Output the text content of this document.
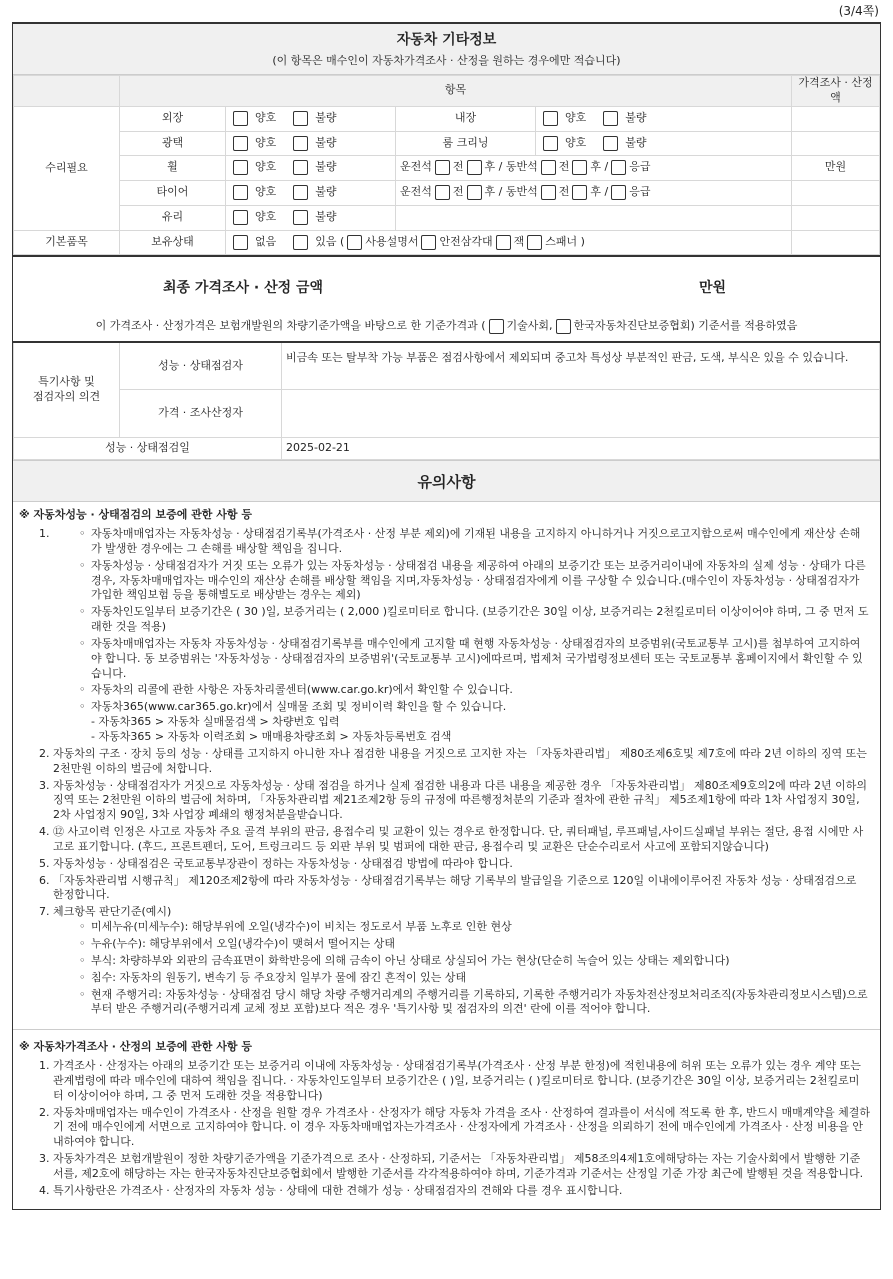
(3/4쪽)
자동차 기타정보
(이 항목은 매수인이 자동차가격조사 · 산정을 원하는 경우에만 적습니다)
	항목				가격조사 · 산정액
수리필요	외장	양호 불량	내장	양호 불량	
	광택	양호 불량	룸 크리닝	양호 불량	
	휠	양호 불량	운전석 전 후 / 동반석 전 후 / 응급		만원
	타이어	양호 불량	운전석 전 후 / 동반석 전 후 / 응급		
	유리	양호 불량			
기본품목	보유상태	없음 있음 ( 사용설명서 안전삼각대 잭 스패너 )			
최종 가격조사 · 산정 금액	만원
이 가격조사 · 산정가격은 보험개발원의 차량기준가액을 바탕으로 한 기준가격과 ( 기술사회, 한국자동차진단보증협회) 기준서를 적용하였음
특기사항 및
점검자의 의견	성능 · 상태점검자	비금속 또는 탈부착 가능 부품은 점검사항에서 제외되며 중고차 특성상 부분적인 판금, 도색, 부식은 있을 수 있습니다.
	가격 · 조사산정자	
성능 · 상태점검일		2025-02-21
유의사항
※ 자동차성능 · 상태점검의 보증에 관한 사항 등
◦ 1. 자동차매매업자는 자동차성능 · 상태점검기록부(가격조사 · 산정 부분 제외)에 기재된 내용을 고지하지 아니하거나 거짓으로고지함으로써 매수인에게 재산상 손해가 발생한 경우에는 그 손해를 배상할 책임을 집니다.
◦ 자동차성능 · 상태점검자가 거짓 또는 오류가 있는 자동차성능 · 상태점검 내용을 제공하여 아래의 보증기간 또는 보증거리이내에 자동차의 실제 성능 · 상태가 다른 경우, 자동차매매업자는 매수인의 재산상 손해를 배상할 책임을 지며,자동차성능 · 상태점검자에게 이를 구상할 수 있습니다.(매수인이 자동차성능 · 상태점검자가 가입한 책임보험 등을 통해별도로 배상받는 경우는 제외)
◦ 자동차인도일부터 보증기간은 ( 30 )일, 보증거리는 ( 2,000 )킬로미터로 합니다. (보증기간은 30일 이상, 보증거리는 2천킬로미터 이상이어야 하며, 그 중 먼저 도래한 것을 적용)
◦ 자동차매매업자는 자동차 자동차성능 · 상태점검기록부를 매수인에게 고지할 때 현행 자동차성능 · 상태점검자의 보증범위(국토교통부 고시)를 첨부하여 고지하여야 합니다. 동 보증범위는 '자동차성능 · 상태점검자의 보증범위'(국토교통부 고시)에따르며, 법제처 국가법령정보센터 또는 국토교통부 홈페이지에서 확인할 수 있습니다.
◦ 자동차의 리콜에 관한 사항은 자동차리콜센터(www.car.go.kr)에서 확인할 수 있습니다.
◦ 자동차365(www.car365.go.kr)에서 실매물 조회 및 정비이력 확인을 할 수 있습니다.
- 자동차365 > 자동차 실매물검색 > 차량번호 입력
- 자동차365 > 자동차 이력조회 > 매매용차량조회 > 자동차등록번호 검색
2. 자동차의 구조 · 장치 등의 성능 · 상태를 고지하지 아니한 자나 점검한 내용을 거짓으로 고지한 자는 「자동차관리법」 제80조제6호및 제7호에 따라 2년 이하의 징역 또는 2천만원 이하의 벌금에 처합니다.
3. 자동차성능 · 상태점검자가 거짓으로 자동차성능 · 상태 점검을 하거나 실제 점검한 내용과 다른 내용을 제공한 경우 「자동차관리법」 제80조제9호의2에 따라 2년 이하의 징역 또는 2천만원 이하의 벌금에 처하며, 「자동차관리법 제21조제2항 등의 규정에 따른행정처분의 기준과 절차에 관한 규칙」 제5조제1항에 따라 1차 사업정지 30일, 2차 사업정지 90일, 3차 사업장 폐쇄의 행정처분을받습니다.
4. ⑫ 사고이력 인정은 사고로 자동차 주요 골격 부위의 판금, 용접수리 및 교환이 있는 경우로 한정합니다. 단, 쿼터패널, 루프패널,사이드실패널 부위는 절단, 용접 시에만 사고로 표기합니다. (후드, 프론트펜더, 도어, 트렁크리드 등 외판 부위 및 범퍼에 대한 판금, 용접수리 및 교환은 단순수리로서 사고에 포함되지않습니다)
5. 자동차성능 · 상태점검은 국토교통부장관이 정하는 자동차성능 · 상태점검 방법에 따라야 합니다.
6. 「자동차관리법 시행규칙」 제120조제2항에 따라 자동차성능 · 상태점검기록부는 해당 기록부의 발급일을 기준으로 120일 이내에이루어진 자동차 성능 · 상태점검으로 한정합니다.
7. 체크항목 판단기준(예시)
◦ 미세누유(미세누수): 해당부위에 오일(냉각수)이 비치는 정도로서 부품 노후로 인한 현상
◦ 누유(누수): 해당부위에서 오일(냉각수)이 맺혀서 떨어지는 상태
◦ 부식: 차량하부와 외판의 금속표면이 화학반응에 의해 금속이 아닌 상태로 상실되어 가는 현상(단순히 녹슬어 있는 상태는 제외합니다)
◦ 침수: 자동차의 원동기, 변속기 등 주요장치 일부가 물에 잠긴 흔적이 있는 상태
◦ 현재 주행거리: 자동차성능 · 상태점검 당시 해당 차량 주행거리계의 주행거리를 기록하되, 기록한 주행거리가 자동차전산정보처리조직(자동차관리정보시스템)으로부터 받은 주행거리(주행거리계 교체 정보 포함)보다 적은 경우 '특기사항 및 점검자의 의견' 란에 이를 적어야 합니다.
※ 자동차가격조사 · 산정의 보증에 관한 사항 등
1. 가격조사 · 산정자는 아래의 보증기간 또는 보증거리 이내에 자동차성능 · 상태점검기록부(가격조사 · 산정 부분 한정)에 적힌내용에 허위 또는 오류가 있는 경우 계약 또는 관계법령에 따라 매수인에 대하여 책임을 집니다. · 자동차인도일부터 보증기간은 ( )일, 보증거리는 ( )킬로미터로 합니다. (보증기간은 30일 이상, 보증거리는 2천킬로미터 이상이어야 하며, 그 중 먼저 도래한 것을 적용합니다)
2. 자동차매매업자는 매수인이 가격조사 · 산정을 원할 경우 가격조사 · 산정자가 해당 자동차 가격을 조사 · 산정하여 결과를이 서식에 적도록 한 후, 반드시 매매계약을 체결하기 전에 매수인에게 서면으로 고지하여야 합니다. 이 경우 자동차매매업자는가격조사 · 산정자에게 가격조사 · 산정을 의뢰하기 전에 매수인에게 가격조사 · 산정 비용을 안내하여야 합니다.
3. 자동차가격은 보험개발원이 정한 차량기준가액을 기준가격으로 조사 · 산정하되, 기준서는 「자동차관리법」 제58조의4제1호에해당하는 자는 기술사회에서 발행한 기준서를, 제2호에 해당하는 자는 한국자동차진단보증협회에서 발행한 기준서를 각각적용하여야 하며, 기준가격과 기준서는 산정일 기준 가장 최근에 발행된 것을 적용합니다.
4. 특기사항란은 가격조사 · 산정자의 자동차 성능 · 상태에 대한 견해가 성능 · 상태점검자의 견해와 다를 경우 표시합니다.
